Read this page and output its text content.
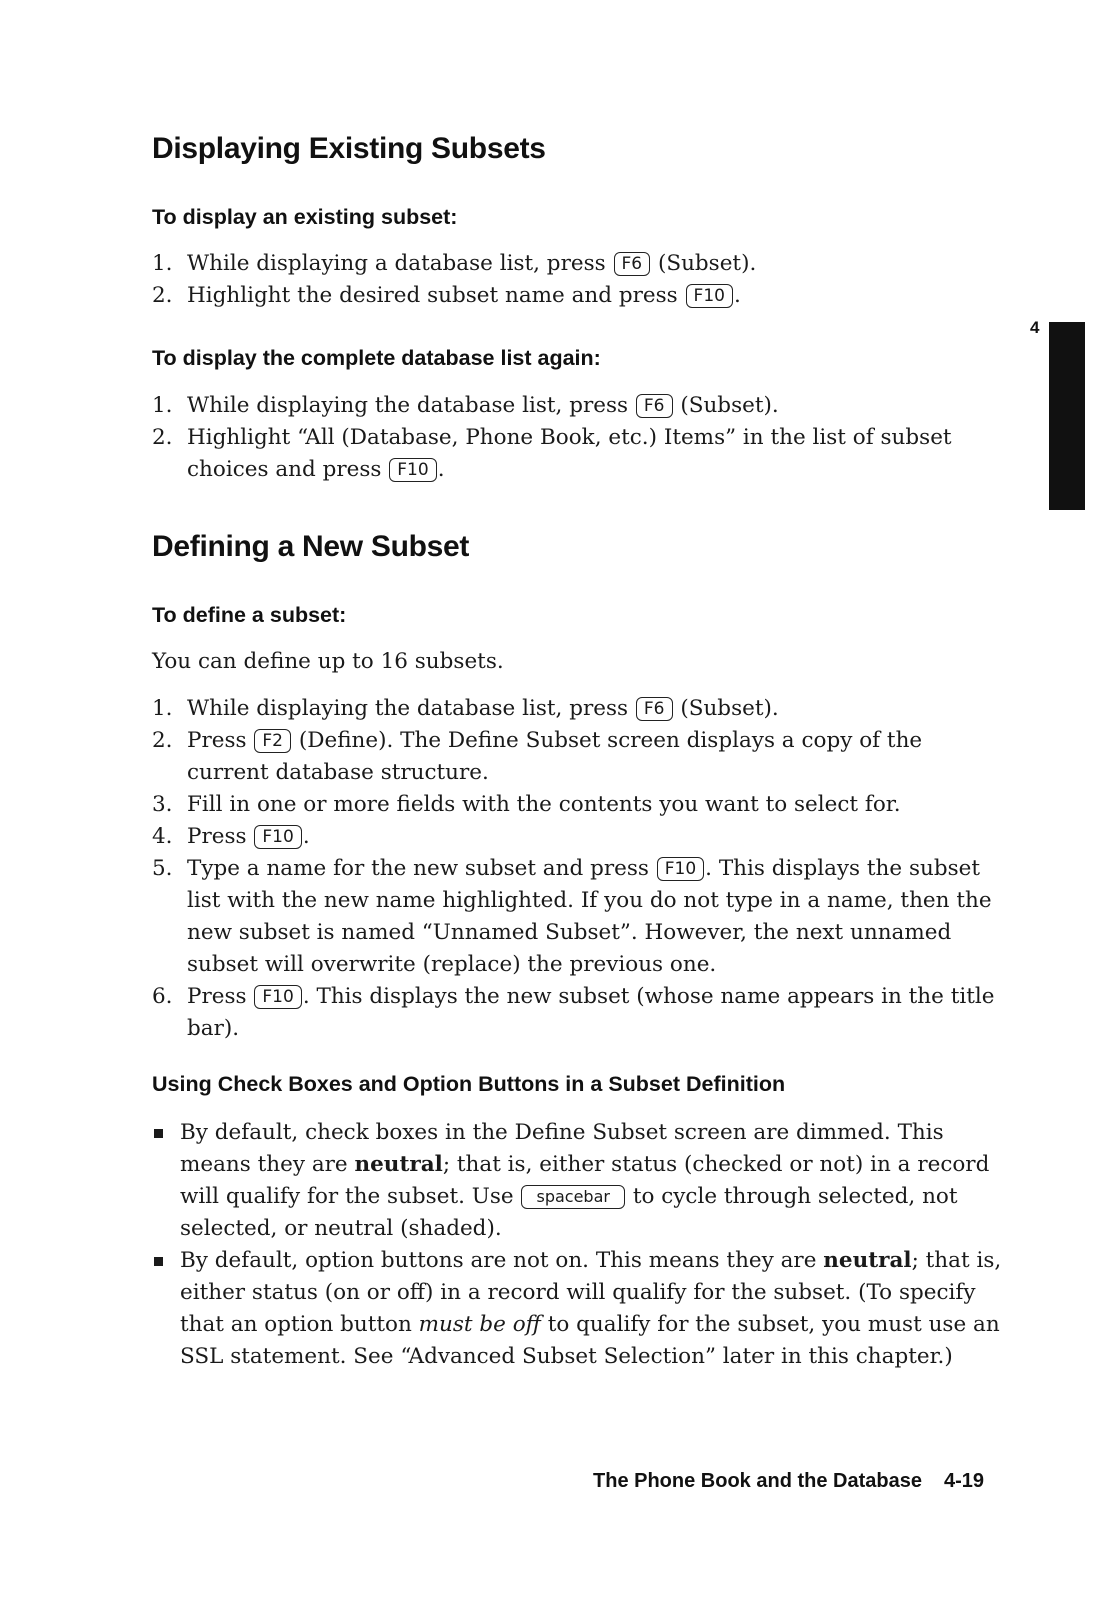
Displaying Existing Subsets
To display an existing subset:
1. While displaying a database list, press F6 (Subset).
2. Highlight the desired subset name and press F10 .
To display the complete database list again:
1. While displaying the database list, press F6 (Subset).
2. Highlight “All (Database, Phone Book, etc.) Items” in the list of subset choices and press F10 .
Defining a New Subset
To define a subset:

You can define up to 16 subsets.

1. While displaying the database list, press F6 (Subset).
2. Press F2 (Define). The Define Subset screen displays a copy of the current database structure.
3. Fill in one or more fields with the contents you want to select for.
4. Press F10 .
5. Type a name for the new subset and press F10 . This displays the subset list with the new name highlighted. If you do not type in a name, then the new subset is named “Unnamed Subset”. However, the next unnamed subset will overwrite (replace) the previous one.
6. Press F10 . This displays the new subset (whose name appears in the title bar).
Using Check Boxes and Option Buttons in a Subset Definition
By default, check boxes in the Define Subset screen are dimmed. This means they are neutral; that is, either status (checked or not) in a record will qualify for the subset. Use spacebar to cycle through selected, not selected, or neutral (shaded).
By default, option buttons are not on. This means they are neutral; that is, either status (on or off) in a record will qualify for the subset. (To specify that an option button must be off to qualify for the subset, you must use an SSL statement. See “Advanced Subset Selection” later in this chapter.)
4
The Phone Book and the Database 4-19
